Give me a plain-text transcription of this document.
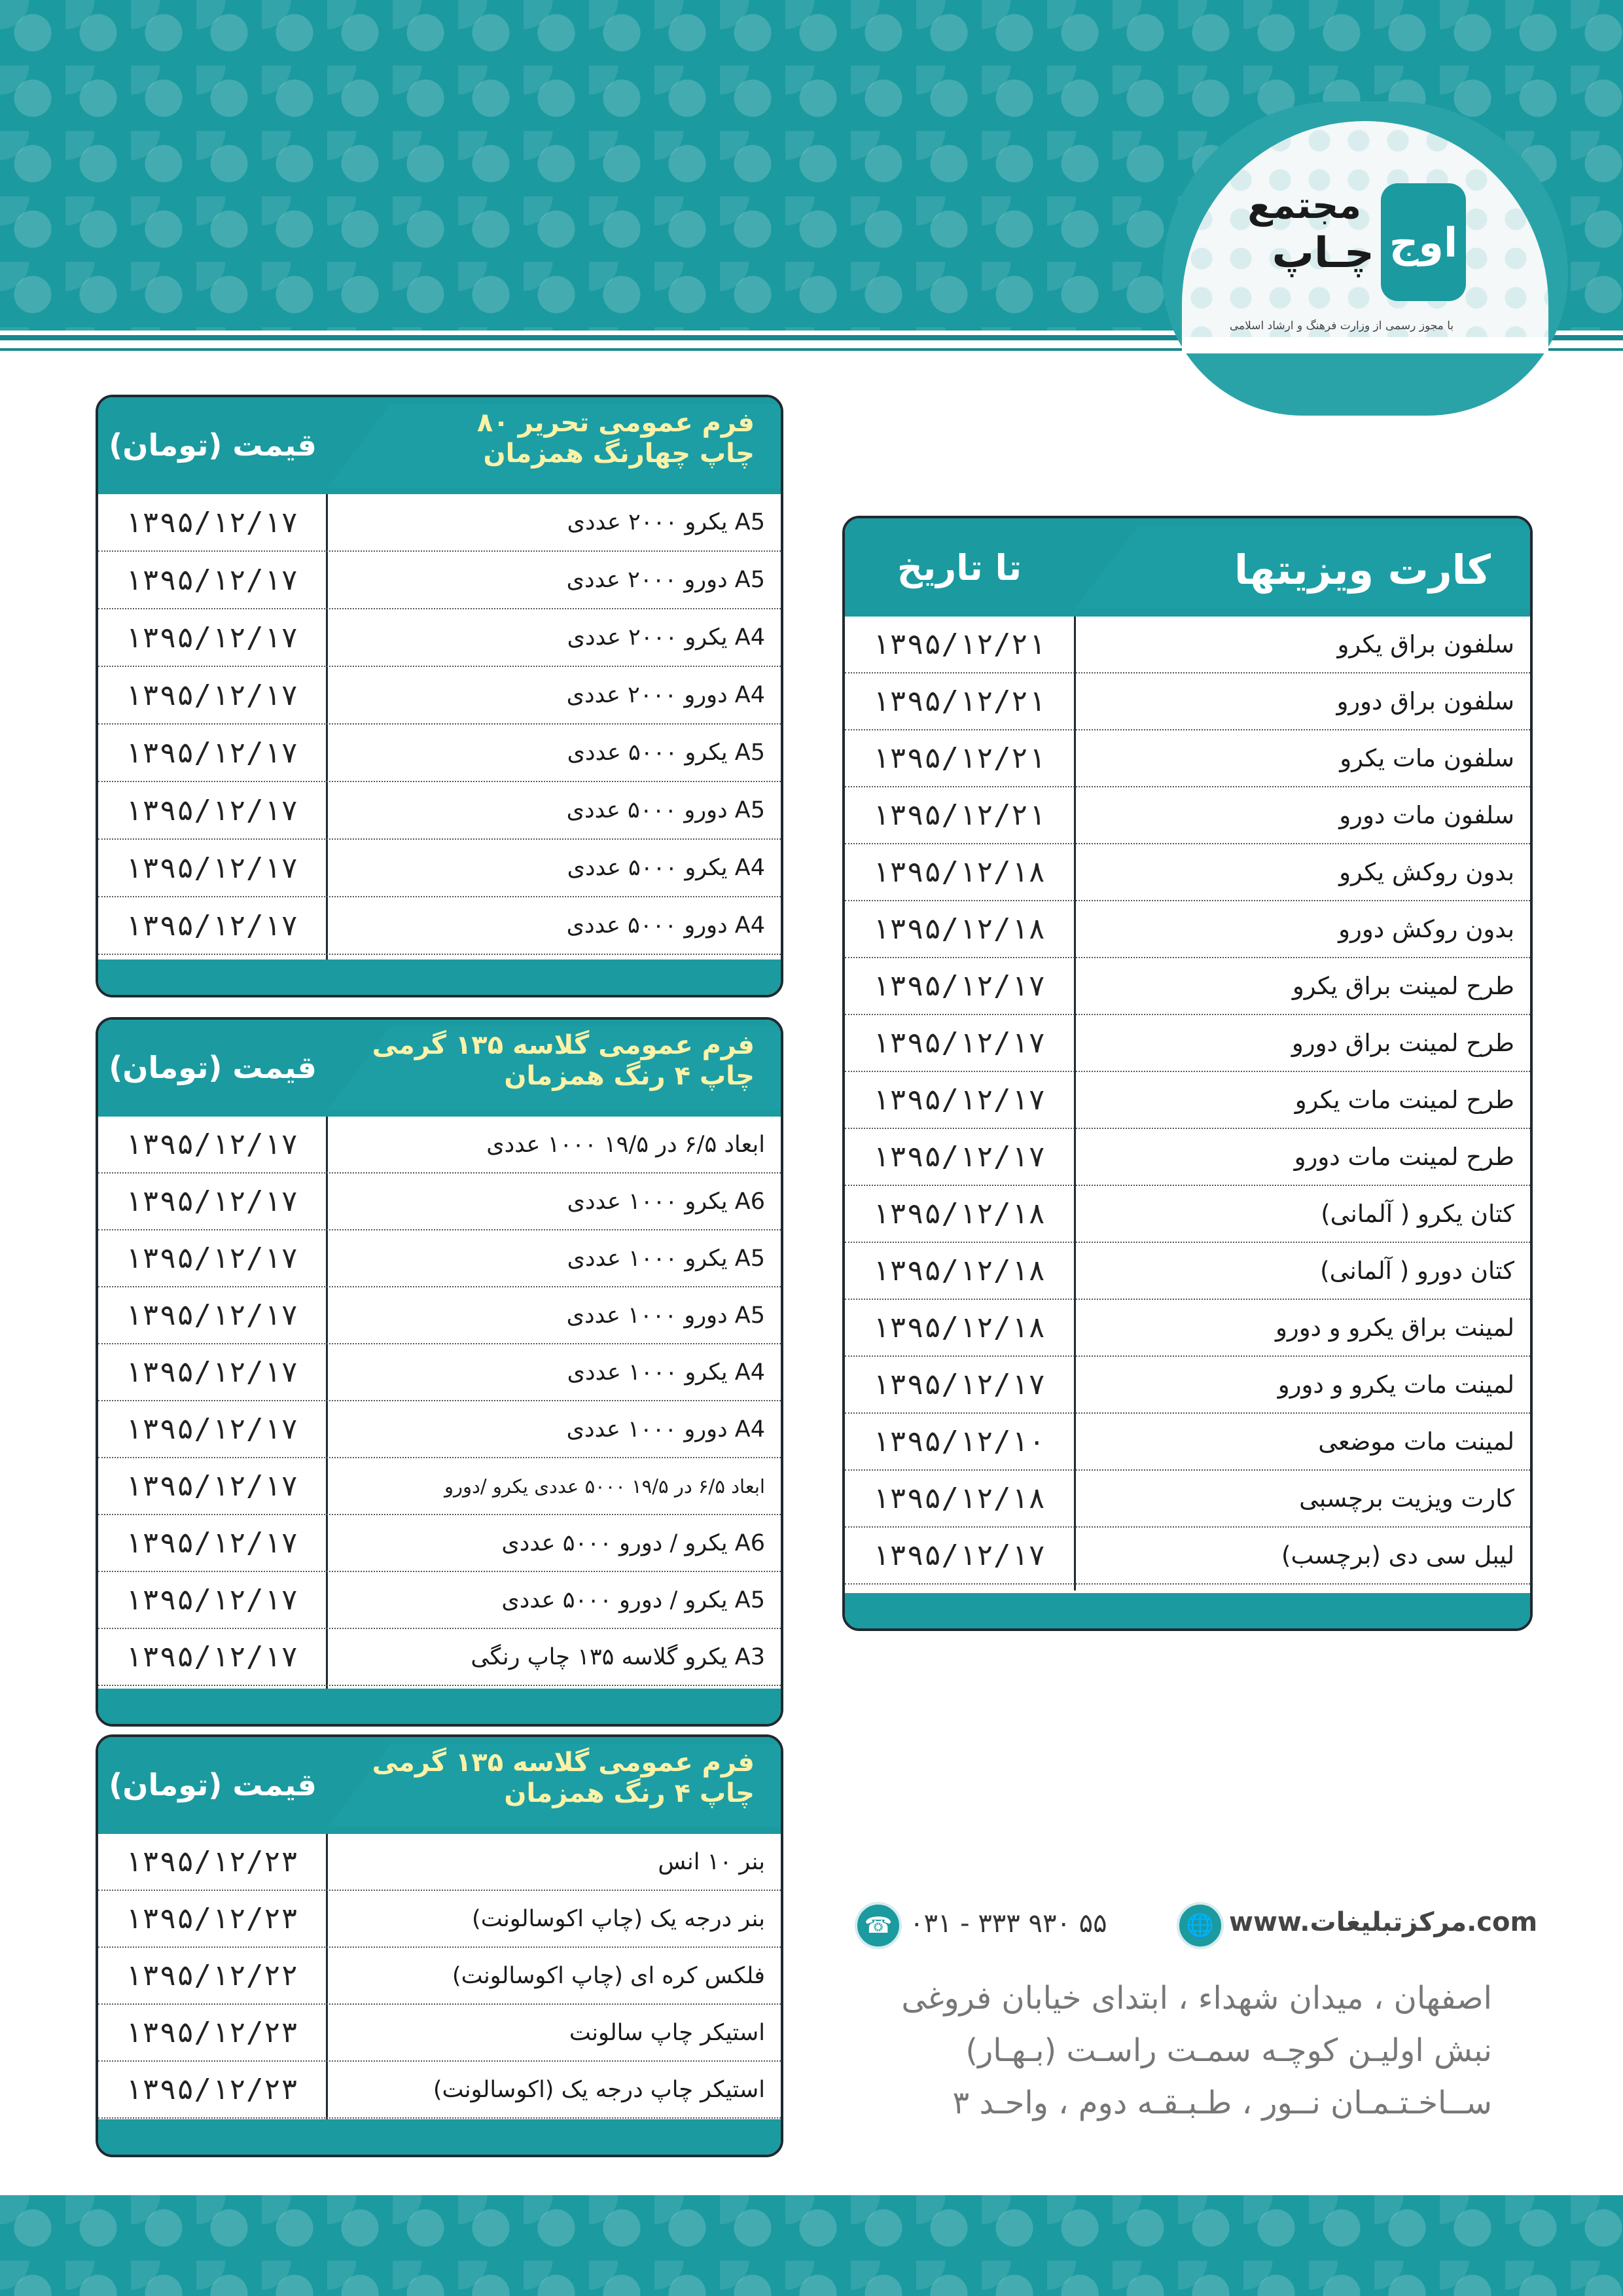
اوج
مجتمع
چـاپ
با مجوز رسمی از وزارت فرهنگ و ارشاد اسلامی
فرم عمومی تحریر ۸۰
چاپ چهارنگ همزمان
قیمت (تومان)
A5 یکرو ۲۰۰۰ عددی
۱۳۹۵/۱۲/۱۷
A5 دورو ۲۰۰۰ عددی
۱۳۹۵/۱۲/۱۷
A4 یکرو ۲۰۰۰ عددی
۱۳۹۵/۱۲/۱۷
A4 دورو ۲۰۰۰ عددی
۱۳۹۵/۱۲/۱۷
A5 یکرو ۵۰۰۰ عددی
۱۳۹۵/۱۲/۱۷
A5 دورو ۵۰۰۰ عددی
۱۳۹۵/۱۲/۱۷
A4 یکرو ۵۰۰۰ عددی
۱۳۹۵/۱۲/۱۷
A4 دورو ۵۰۰۰ عددی
۱۳۹۵/۱۲/۱۷
فرم عمومی گلاسه ۱۳۵ گرمی
چاپ ۴ رنگ همزمان
قیمت (تومان)
ابعاد ۶/۵ در ۱۹/۵ ۱۰۰۰ عددی
۱۳۹۵/۱۲/۱۷
A6 یکرو ۱۰۰۰ عددی
۱۳۹۵/۱۲/۱۷
A5 یکرو ۱۰۰۰ عددی
۱۳۹۵/۱۲/۱۷
A5 دورو ۱۰۰۰ عددی
۱۳۹۵/۱۲/۱۷
A4 یکرو ۱۰۰۰ عددی
۱۳۹۵/۱۲/۱۷
A4 دورو ۱۰۰۰ عددی
۱۳۹۵/۱۲/۱۷
ابعاد ۶/۵ در ۱۹/۵ ۵۰۰۰ عددی یکرو /دورو
۱۳۹۵/۱۲/۱۷
A6 یکرو / دورو ۵۰۰۰ عددی
۱۳۹۵/۱۲/۱۷
A5 یکرو / دورو ۵۰۰۰ عددی
۱۳۹۵/۱۲/۱۷
A3 یکرو گلاسه ۱۳۵ چاپ رنگی
۱۳۹۵/۱۲/۱۷
فرم عمومی گلاسه ۱۳۵ گرمی
چاپ ۴ رنگ همزمان
قیمت (تومان)
بنر ۱۰ انس
۱۳۹۵/۱۲/۲۳
بنر درجه یک (چاپ اکوسالونت)
۱۳۹۵/۱۲/۲۳
فلکس کره ای (چاپ اکوسالونت)
۱۳۹۵/۱۲/۲۲
استیکر چاپ سالونت
۱۳۹۵/۱۲/۲۳
استیکر چاپ درجه یک (اکوسالونت)
۱۳۹۵/۱۲/۲۳
کارت ویزیتها
تا تاریخ
سلفون براق یکرو
۱۳۹۵/۱۲/۲۱
سلفون براق دورو
۱۳۹۵/۱۲/۲۱
سلفون مات یکرو
۱۳۹۵/۱۲/۲۱
سلفون مات دورو
۱۳۹۵/۱۲/۲۱
بدون روکش یکرو
۱۳۹۵/۱۲/۱۸
بدون روکش دورو
۱۳۹۵/۱۲/۱۸
طرح لمینت براق یکرو
۱۳۹۵/۱۲/۱۷
طرح لمینت براق دورو
۱۳۹۵/۱۲/۱۷
طرح لمینت مات یکرو
۱۳۹۵/۱۲/۱۷
طرح لمینت مات دورو
۱۳۹۵/۱۲/۱۷
کتان یکرو ( آلمانی)
۱۳۹۵/۱۲/۱۸
کتان دورو ( آلمانی)
۱۳۹۵/۱۲/۱۸
لمینت براق یکرو و دورو
۱۳۹۵/۱۲/۱۸
لمینت مات یکرو و دورو
۱۳۹۵/۱۲/۱۷
لمینت مات موضعی
۱۳۹۵/۱۲/۱۰
کارت ویزیت برچسبی
۱۳۹۵/۱۲/۱۸
لیبل سی دی (برچسب)
۱۳۹۵/۱۲/۱۷
☎ ۰۳۱ - ۳۳۳ ۹۳۰ ۵۵	🌐 www.مرکزتبلیغات.com
اصفهان ، میدان شهداء ، ابتدای خیابان فروغی
نبش اولیـن کوچـه سمـت راسـت (بـهـار)
ســاخـتـمـان نــور ، طـبـقـه دوم ، واحـد ۳
